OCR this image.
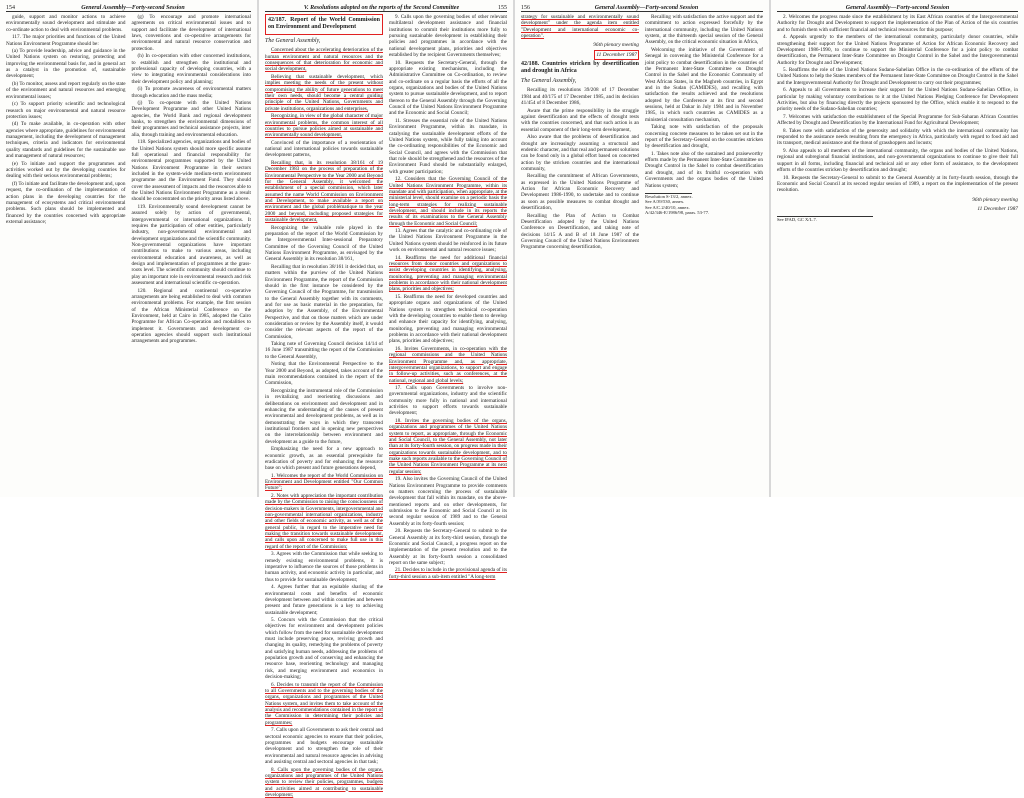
154	General Assembly—Forty-second Session

guide, support and monitor actions to achieve environmentally sound development and stimulate and co-ordinate action to deal with environmental problems.

117. The major priorities and functions of the United Nations Environment Programme should be:

(a) To provide leadership, advice and guidance in the United Nations system on restoring, protecting and improving the environmental basis for, and in general act as a catalyst in the promotion of, sustainable development;

(b) To monitor, assess and report regularly on the state of the environment and natural resources and emerging environmental issues;

(c) To support priority scientific and technological research on major environmental and natural resource protection issues;

(d) To make available, in co-operation with other agencies where appropriate, guidelines for environmental management, including the development of management techniques, criteria and indicators for environmental quality standards and guidelines for the sustainable use and management of natural resources;

(e) To initiate and support the programmes and activities worked out by the developing countries for dealing with their serious environmental problems;

(f) To initiate and facilitate the development and, upon request, the co-ordination of the implementation of action plans in the developing countries for the management of ecosystems and critical environmental problems. Such plans should be implemented and financed by the countries concerned with appropriate external assistance;

(g) To encourage and promote international agreements on critical environmental issues and to support and facilitate the development of international laws, conventions and co-operative arrangements for environmental and natural resource conservation and protection.

(h) In co-operation with other concerned institutions, to establish and strengthen the institutional and professional capacity of developing countries, with a view to integrating environmental considerations into their development policy and planning;

(i) To promote awareness of environmental matters through education and the mass media;

(j) To co-operate with the United Nations Development Programme and other United Nations agencies, the World Bank and regional development banks, to strengthen the environmental dimensions of their programmes and technical assistance projects, inter alia, through training and environmental education.

118. Specialized agencies, organizations and bodies of the United Nations system should more specific assume full operational and financial responsibility for environmental programmes supported by the United Nations Environment Programme in their sectors included in the system-wide medium-term environment programme and the Environment Fund. They should cover the assessment of impacts and the resources able to the United Nations Environment Programme as a result should be concentrated on the priority areas listed above.

119. Environmentally sound development cannot be assured solely by action of governmental, intergovernmental or international organizations. It requires the participation of other entities, particularly industry, non-governmental environmental and development organizations and the scientific community. Non-governmental organizations have important contributions to make to various areas, including environmental education and awareness, as well as design and implementation of programmes at the grass-roots level. The scientific community should continue to play an important role in environmental research and risk assessment and international scientific co-operation.

120. Regional and continental co-operative arrangements are being established to deal with common environmental problems. For example, the first session of the African Ministerial Conference on the Environment, held at Cairo in 1985, adopted the Cairo Programme for African Co-operation and modalities to implement it. Governments and development co-operation agencies should support such institutional arrangements and programmes.

V. Resolutions adopted on the reports of the Second Committee	155
42/187. Report of the World Commission on Environment and Development
The General Assembly,

Concerned about the accelerating deterioration of the human environment and natural resources and the consequences of that deterioration for economic and social development,

Believing that sustainable development, which implies meeting the needs of the present without compromising the ability of future generations to meet their own needs, should become a central guiding principle of the United Nations, Governments and private institutions, organizations and enterprises,

Recognizing, in view of the global character of major environmental problems, the common interest of all countries to pursue policies aimed at sustainable and environmentally sound development,

Convinced of the importance of a reorientation of national and international policies towards sustainable development patterns,

Recalling that, in its resolution 38/161 of 19 December 1983 on the process of preparation of the Environmental Perspective to the Year 2000 and Beyond for the General Assembly, it welcomed the establishment of a special commission, which later assumed the name World Commission on Environment and Development, to make available a report on environment and the global problématique to the year 2000 and beyond, including proposed strategies for sustainable development,

Recognizing the valuable role played in the preparation of the report of the World Commission by the Intergovernmental Inter-sessional Preparatory Committee of the Governing Council of the United Nations Environment Programme, as envisaged by the General Assembly in its resolution 38/161,

Recalling that in resolution 38/161 it decided that, on matters within the purview of the United Nations Environment Programme, the report of the Commission should in the first instance be considered by the Governing Council of the Programme, for transmission to the General Assembly together with its comments, and for use as basic material in the preparation, for adoption by the Assembly, of the Environmental Perspective, and that on those matters which are under consideration or review by the Assembly itself, it would consider the relevant aspects of the report of the Commission,

Taking note of Governing Council decision 14/14 of 16 June 1987 transmitting the report of the Commission to the General Assembly,

Noting that the Environmental Perspective to the Year 2000 and Beyond, as adopted, takes account of the main recommendations contained in the report of the Commission,

Recognizing the instrumental role of the Commission in revitalizing and reorienting discussions and deliberations on environment and development and in enhancing the understanding of the causes of present environmental and development problems, as well as in demonstrating the ways in which they transcend institutional frontiers and in opening new perspectives on the interrelationship between environment and development as a guide to the future,

Emphasizing the need for a new approach to economic growth, as an essential prerequisite for eradication of poverty and for enhancing the resource base on which present and future generations depend,

1. Welcomes the report of the World Commission on Environment and Development entitled "Our Common Future";

2. Notes with appreciation the important contribution made by the Commission to raising the consciousness of decision-makers in Governments, intergovernmental and non-governmental international organizations, industry and other fields of economic activity, as well as of the general public, in regard to the imperative need for making the transition towards sustainable development, and calls upon all concerned to make full use in this regard of the report of the Commission;

3. Agrees with the Commission that while seeking to remedy existing environmental problems, it is imperative to influence the sources of those problems in human activity, and economic activity in particular, and thus to provide for sustainable development;

4. Agrees further that an equitable sharing of the environmental costs and benefits of economic development between and within countries and between present and future generations is a key to achieving sustainable development;

5. Concurs with the Commission that the critical objectives for environment and development policies which follow from the need for sustainable development must include preserving peace, reviving growth and changing its quality, remedying the problems of poverty and satisfying human needs, addressing the problems of population growth and of conserving and enhancing the resource base, reorienting technology and managing risk, and merging environment and economics in decision-making;

6. Decides to transmit the report of the Commission to all Governments and to the governing bodies of the organs, organizations and programmes of the United Nations system, and invites them to take account of the analysis and recommendations contained in the report of the Commission in determining their policies and programmes;

7. Calls upon all Governments to ask their central and sectoral economic agencies to ensure that their policies, programmes and budgets encourage sustainable development and to strengthen the role of their environmental and natural resource agencies in advising and assisting central and sectoral agencies in that task;

8. Calls upon the governing bodies of the organs, organizations and programmes of the United Nations system to review their policies, programmes, budgets and activities aimed at contributing to sustainable development;

9. Calls upon the governing bodies of other relevant multilateral development assistance and financial institutions to commit their institutions more fully to pursuing sustainable development in establishing their policies and programmes in accordance with the national development plans, priorities and objectives established by the recipient Governments themselves;

10. Requests the Secretary-General, through the appropriate existing mechanisms, including the Administrative Committee on Co-ordination, to review and co-ordinate on a regular basis the efforts of all the organs, organizations and bodies of the United Nations system to pursue sustainable development, and to report thereon to the General Assembly through the Governing Council of the United Nations Environment Programme and the Economic and Social Council;

11. Stresses the essential role of the United Nations Environment Programme, within its mandate, in catalysing the sustainable development efforts of the United Nations system, while fully taking into account the co-ordinating responsibilities of the Economic and Social Council, and agrees with the Commission that that role should be strengthened and the resources of the Environment Fund should be substantially enlarged, with greater participation;

12. Considers that the Governing Council of the United Nations Environment Programme, within its mandate and with participation, when appropriate, at the ministerial level, should examine on a periodic basis the long-term strategies for realizing sustainable development, and should include in its reports the results of its examinations to the General Assembly through the Economic and Social Council;

13. Agrees that the catalytic and co-ordinating role of the United Nations Environment Programme in the United Nations system should be reinforced in its future work on environmental and natural resource issues;

14. Reaffirms the need for additional financial resources from donor countries and organizations to assist developing countries in identifying, analysing, monitoring, preventing and managing environmental problems in accordance with their national development plans, priorities and objectives;

15. Reaffirms the need for developed countries and appropriate organs and organizations of the United Nations system to strengthen technical co-operation with the developing countries to enable them to develop and enhance their capacity for identifying, analysing, monitoring, preventing and managing environmental problems in accordance with their national development plans, priorities and objectives;

16. Invites Governments, in co-operation with the regional commissions and the United Nations Environment Programme and, as appropriate, intergovernmental organizations, to support and engage in follow-up activities, such as conferences, at the national, regional and global levels;

17. Calls upon Governments to involve non-governmental organizations, industry and the scientific community more fully in national and international activities to support efforts towards sustainable development;

18. Invites the governing bodies of the organs, organizations and programmes of the United Nations system to report, as appropriate, through the Economic and Social Council, to the General Assembly, not later than at its forty-fourth session, on progress made in their organizations towards sustainable development, and to make such reports available to the Governing Council of the United Nations Environment Programme at its next regular session;

19. Also invites the Governing Council of the United Nations Environment Programme to provide comments on matters concerning the process of sustainable development that fall within its mandate, on the above-mentioned reports and on other developments, for submission to the Economic and Social Council at its second regular session of 1989 and to the General Assembly at its forty-fourth session;

20. Requests the Secretary-General to submit to the General Assembly at its forty-third session, through the Economic and Social Council, a progress report on the implementation of the present resolution and to the Assembly at its forty-fourth session a consolidated report on the same subject;

21. Decides to include in the provisional agenda of its forty-third session a sub-item entitled "A long-term

156	General Assembly—Forty-second Session

strategy for sustainable and environmentally sound development" under the agenda item entitled "Development and international economic co-operation".

96th plenary meeting
11 December 1987
42/188. Countries stricken by desertification and drought in Africa
The General Assembly,

Recalling its resolutions 39/208 of 17 December 1984 and 40/175 of 17 December 1985, and its decision 41/454 of 8 December 1986,

Aware that the prime responsibility in the struggle against desertification and the effects of drought rests with the countries concerned, and that such action is an essential component of their long-term development,

Also aware that the problems of desertification and drought are increasingly assuming a structural and endemic character, and that real and permanent solutions can be found only in a global effort based on concerted action by the stricken countries and the international community,

Recalling the commitment of African Governments, as expressed in the United Nations Programme of Action for African Economic Recovery and Development 1986-1990, to undertake and to continue as soon as possible measures to combat drought and desertification,

Recalling the Plan of Action to Combat Desertification adopted by the United Nations Conference on Desertification, and taking note of decisions 14/15 A and B of 18 June 1987 of the Governing Council of the United Nations Environment Programme concerning desertification,

Recalling with satisfaction the active support and the commitment to action expressed forcefully by the international community, including the United Nations system, at the thirteenth special session of the General Assembly, on the critical economic situation in Africa,

Welcoming the initiative of the Government of Senegal in convening the Ministerial Conference for a joint policy to combat desertification in the countries of the Permanent Inter-State Committee on Drought Control in the Sahel and the Economic Community of West African States, in the Maghreb countries, in Egypt and in the Sudan (CAMIDES), and recalling with satisfaction the results achieved and the resolutions adopted by the Conference at its first and second sessions, held at Dakar in July 1984 and in November 1985, in which such countries as CAMIDES as a ministerial consultation mechanism,

Taking note with satisfaction of the proposals concerning concrete measures to be taken set out in the report of the Secretary-General on the countries stricken by desertification and drought,

1. Takes note also of the sustained and praiseworthy efforts made by the Permanent Inter-State Committee on Drought Control in the Sahel to combat desertification and drought, and of its fruitful co-operation with Governments and the organs bodies of the United Nations system;

Resolution S-13/2, annex.
See A/39/530, annex.
See A/C.2/40/10, annex.
A/42/346-E/1986/98, paras. 53-77.
General Assembly—Forty-second Session

2. Welcomes the progress made since the establishment by its East African countries of the Intergovernmental Authority for Drought and Development to support the implementation of the Plan of Action of the six countries and to furnish them with sufficient financial and technical resources for this purpose;

4. Appeals urgently to the members of the international community, particularly donor countries, while strengthening their support for the United Nations Programme of Action for African Economic Recovery and Development 1986-1990, to continue to support the Ministerial Conference for a joint policy to combat desertification, the Permanent Inter-State Committee on Drought Control in the Sahel and the Intergovernmental Authority for Drought and Development;

5. Reaffirms the role of the United Nations Sudano-Sahelian Office in the co-ordination of the efforts of the United Nations to help the States members of the Permanent Inter-State Committee on Drought Control in the Sahel and the Intergovernmental Authority for Drought and Development to carry out their programmes;

6. Appeals to all Governments to increase their support for the United Nations Sudano-Sahelian Office, in particular by making voluntary contributions to it at the United Nations Pledging Conference for Development Activities, but also by financing directly the projects sponsored by the Office, which enable it to respond to the priority needs of the Sudano-Sahelian countries;

7. Welcomes with satisfaction the establishment of the Special Programme for Sub-Saharan African Countries Affected by Drought and Desertification by the International Fund for Agricultural Development;

8. Takes note with satisfaction of the generosity and solidarity with which the international community has responded to the assistance needs resulting from the emergency in Africa, particularly with regard to food aid and its transport, medical assistance and the threat of grasshoppers and locusts;

9. Also appeals to all members of the international community, the organs and bodies of the United Nations, regional and subregional financial institutions, and non-governmental organizations to continue to give their full support in all forms, including financial and technical aid or any other form of assistance, to the development efforts of the countries stricken by desertification and drought;

10. Requests the Secretary-General to submit to the General Assembly at its forty-fourth session, through the Economic and Social Council at its second regular session of 1989, a report on the implementation of the present resolution.

96th plenary meeting
11 December 1987
See IFAD, GC X/L.7.
